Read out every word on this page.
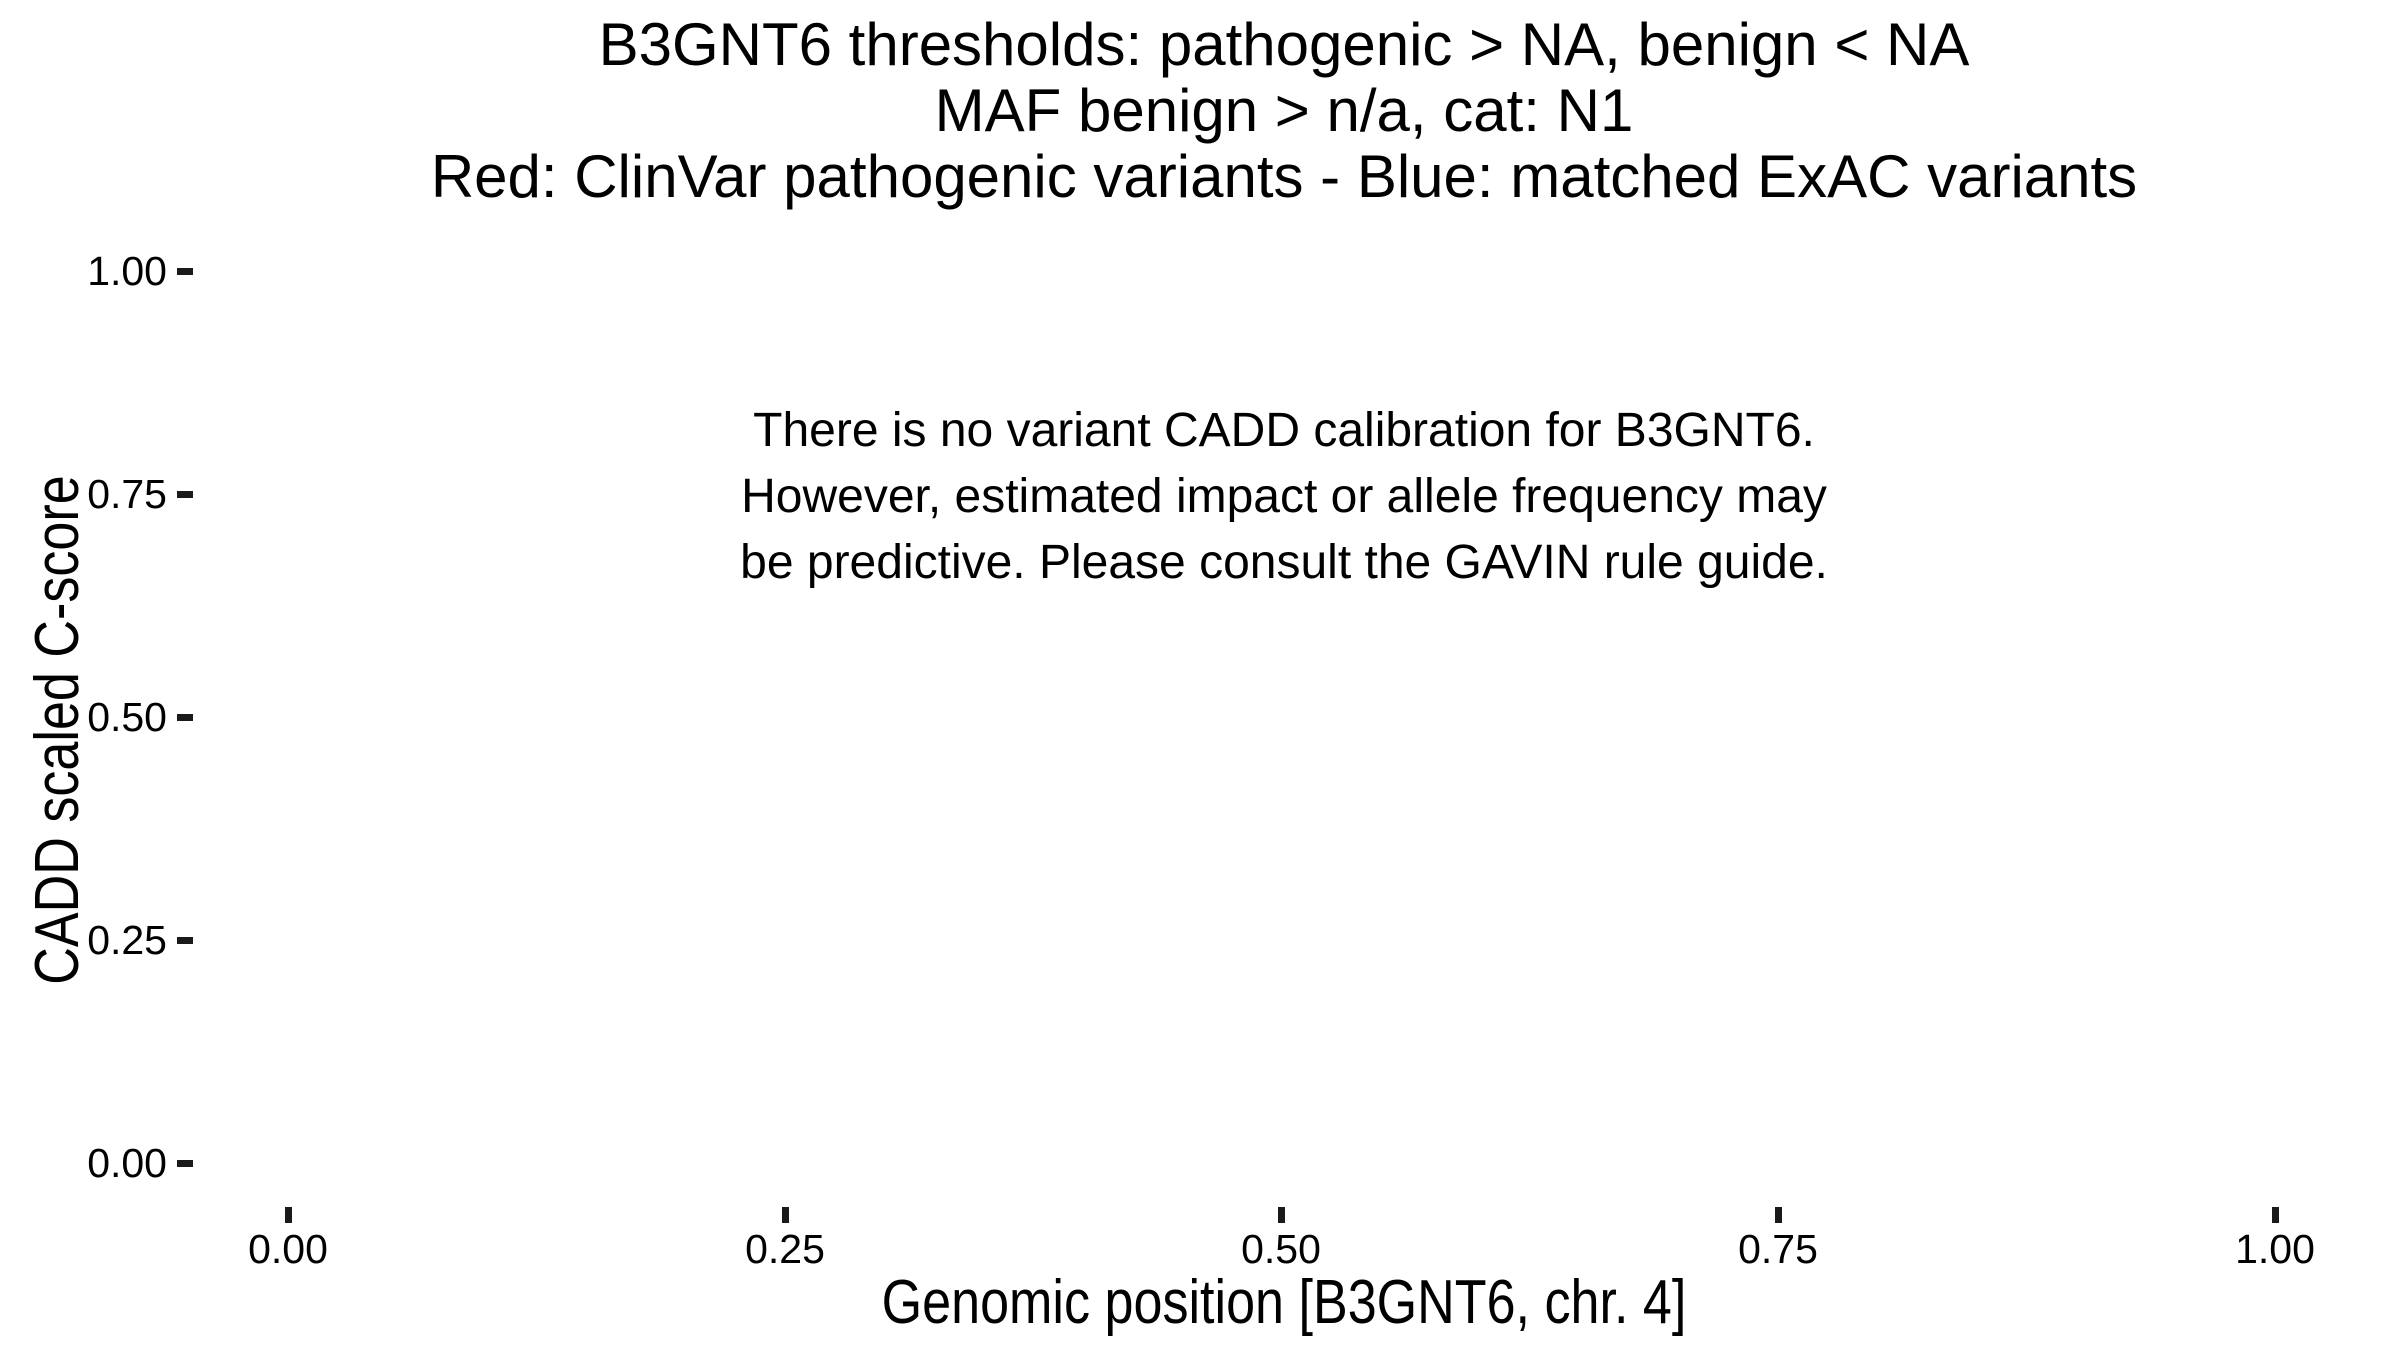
B3GNT6 thresholds: pathogenic > NA, benign < NA
MAF benign > n/a, cat: N1
Red: ClinVar pathogenic variants - Blue: matched ExAC variants
There is no variant CADD calibration for B3GNT6.
However, estimated impact or allele frequency may
be predictive. Please consult the GAVIN rule guide.
CADD scaled C-score
1.00
0.75
0.50
0.25
0.00
0.00	0.25	0.50	0.75	1.00
Genomic position [B3GNT6, chr. 4]
